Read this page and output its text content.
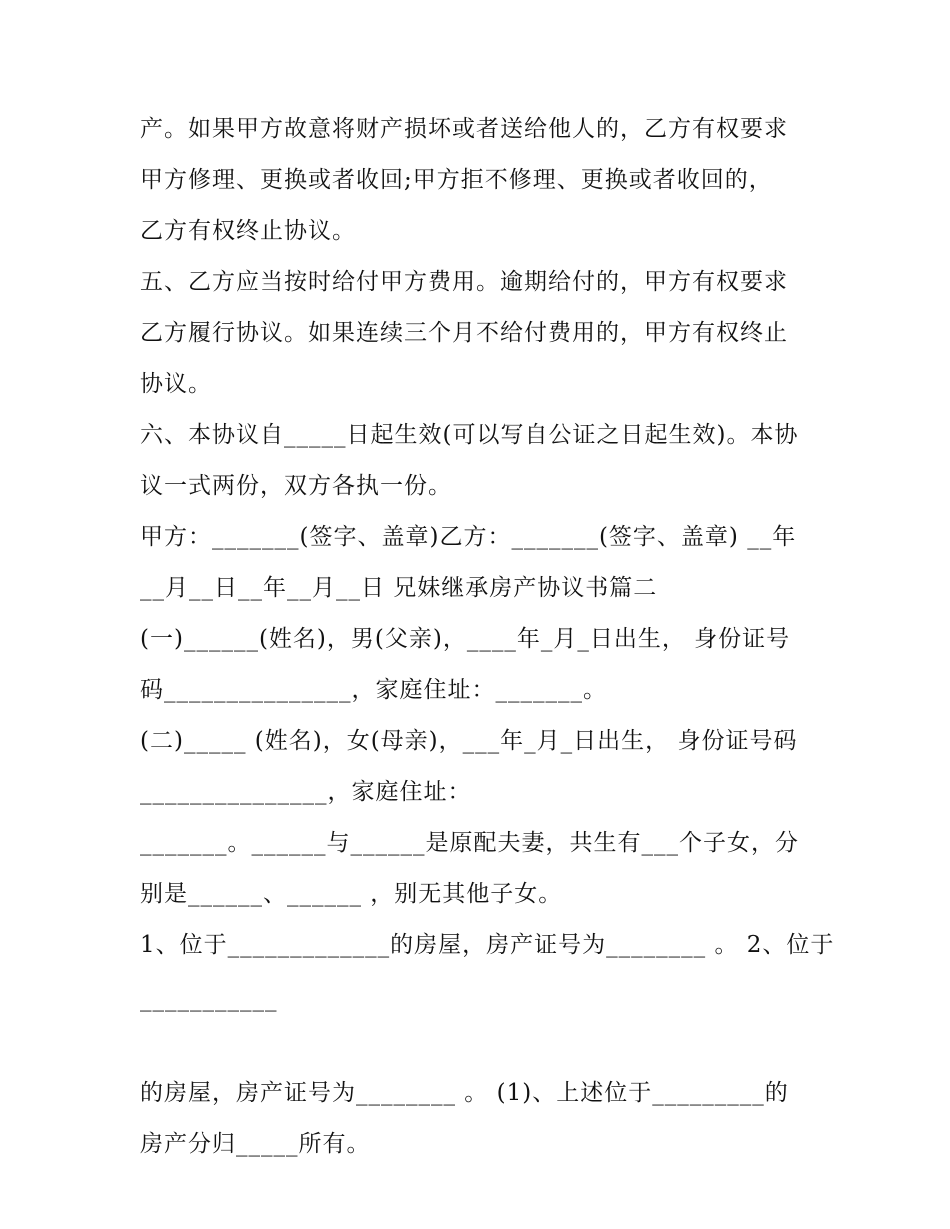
产。如果甲方故意将财产损坏或者送给他人的，乙方有权要求
甲方修理、更换或者收回;甲方拒不修理、更换或者收回的，
乙方有权终止协议。
五、乙方应当按时给付甲方费用。逾期给付的，甲方有权要求
乙方履行协议。如果连续三个月不给付费用的，甲方有权终止
协议。
六、本协议自_____日起生效(可以写自公证之日起生效)。本协
议一式两份，双方各执一份。
甲方：_______(签字、盖章)乙方：_______(签字、盖章) __年
__月__日__年__月__日 兄妹继承房产协议书篇二
(一)______(姓名)，男(父亲)，____年_月_日出生， 身份证号
码_______________，家庭住址：_______。
(二)_____ (姓名)，女(母亲)，___年_月_日出生， 身份证号码
_______________，家庭住址：
_______。______与______是原配夫妻，共生有___个子女，分
别是______、______ ，别无其他子女。
1、位于_____________的房屋，房产证号为________ 。 2、位于
___________
的房屋，房产证号为________ 。 (1)、上述位于_________的
房产分归_____所有。
